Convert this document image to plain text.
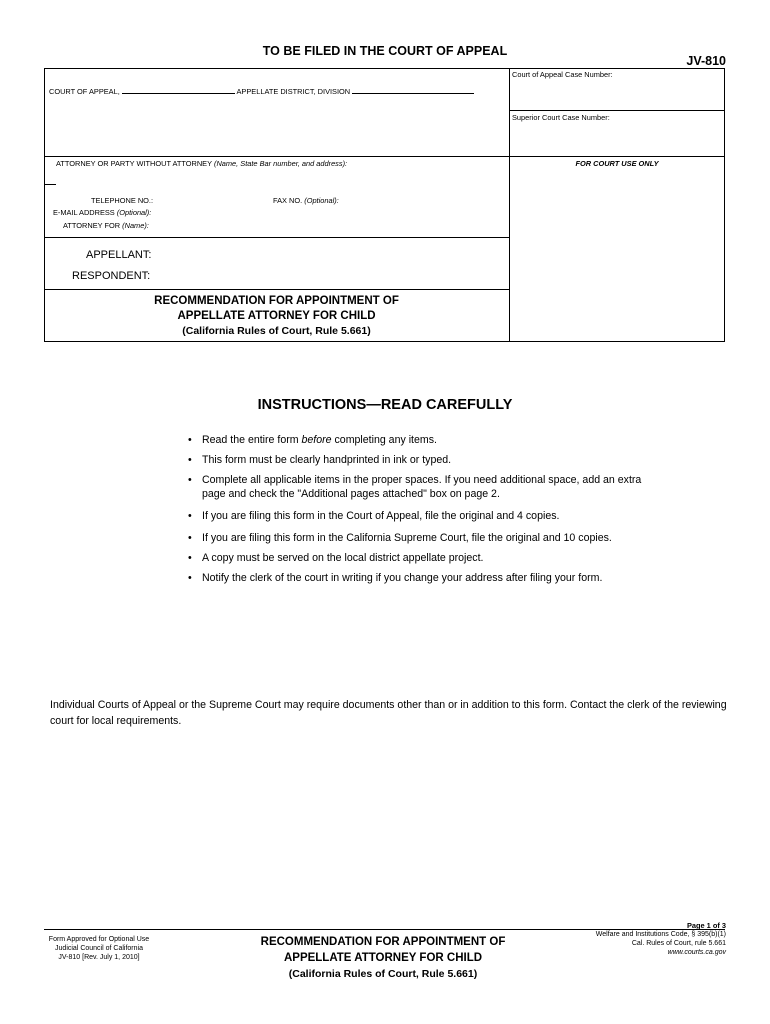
TO BE FILED IN THE COURT OF APPEAL
JV-810
COURT OF APPEAL,	APPELLATE DISTRICT, DIVISION
Court of Appeal Case Number:
Superior Court Case Number:
ATTORNEY OR PARTY WITHOUT ATTORNEY (Name, State Bar number, and address):	FOR COURT USE ONLY
TELEPHONE NO.:	FAX NO. (Optional):
E-MAIL ADDRESS (Optional):
ATTORNEY FOR (Name):
APPELLANT:
RESPONDENT:
RECOMMENDATION FOR APPOINTMENT OF
APPELLATE ATTORNEY FOR CHILD
(California Rules of Court, Rule 5.661)
INSTRUCTIONS—READ CAREFULLY
• Read the entire form before completing any items.
• This form must be clearly handprinted in ink or typed.
• Complete all applicable items in the proper spaces. If you need additional space, add an extra page and check the "Additional pages attached" box on page 2.
• If you are filing this form in the Court of Appeal, file the original and 4 copies.
• If you are filing this form in the California Supreme Court, file the original and 10 copies.
• A copy must be served on the local district appellate project.
• Notify the clerk of the court in writing if you change your address after filing your form.
Individual Courts of Appeal or the Supreme Court may require documents other than or in addition to this form. Contact the clerk of the reviewing court for local requirements.
Page 1 of 3
Form Approved for Optional Use
Judicial Council of California
JV-810 [Rev. July 1, 2010]
RECOMMENDATION FOR APPOINTMENT OF
APPELLATE ATTORNEY FOR CHILD
(California Rules of Court, Rule 5.661)
Welfare and Institutions Code, § 395(b)(1)
Cal. Rules of Court, rule 5.661
www.courts.ca.gov
